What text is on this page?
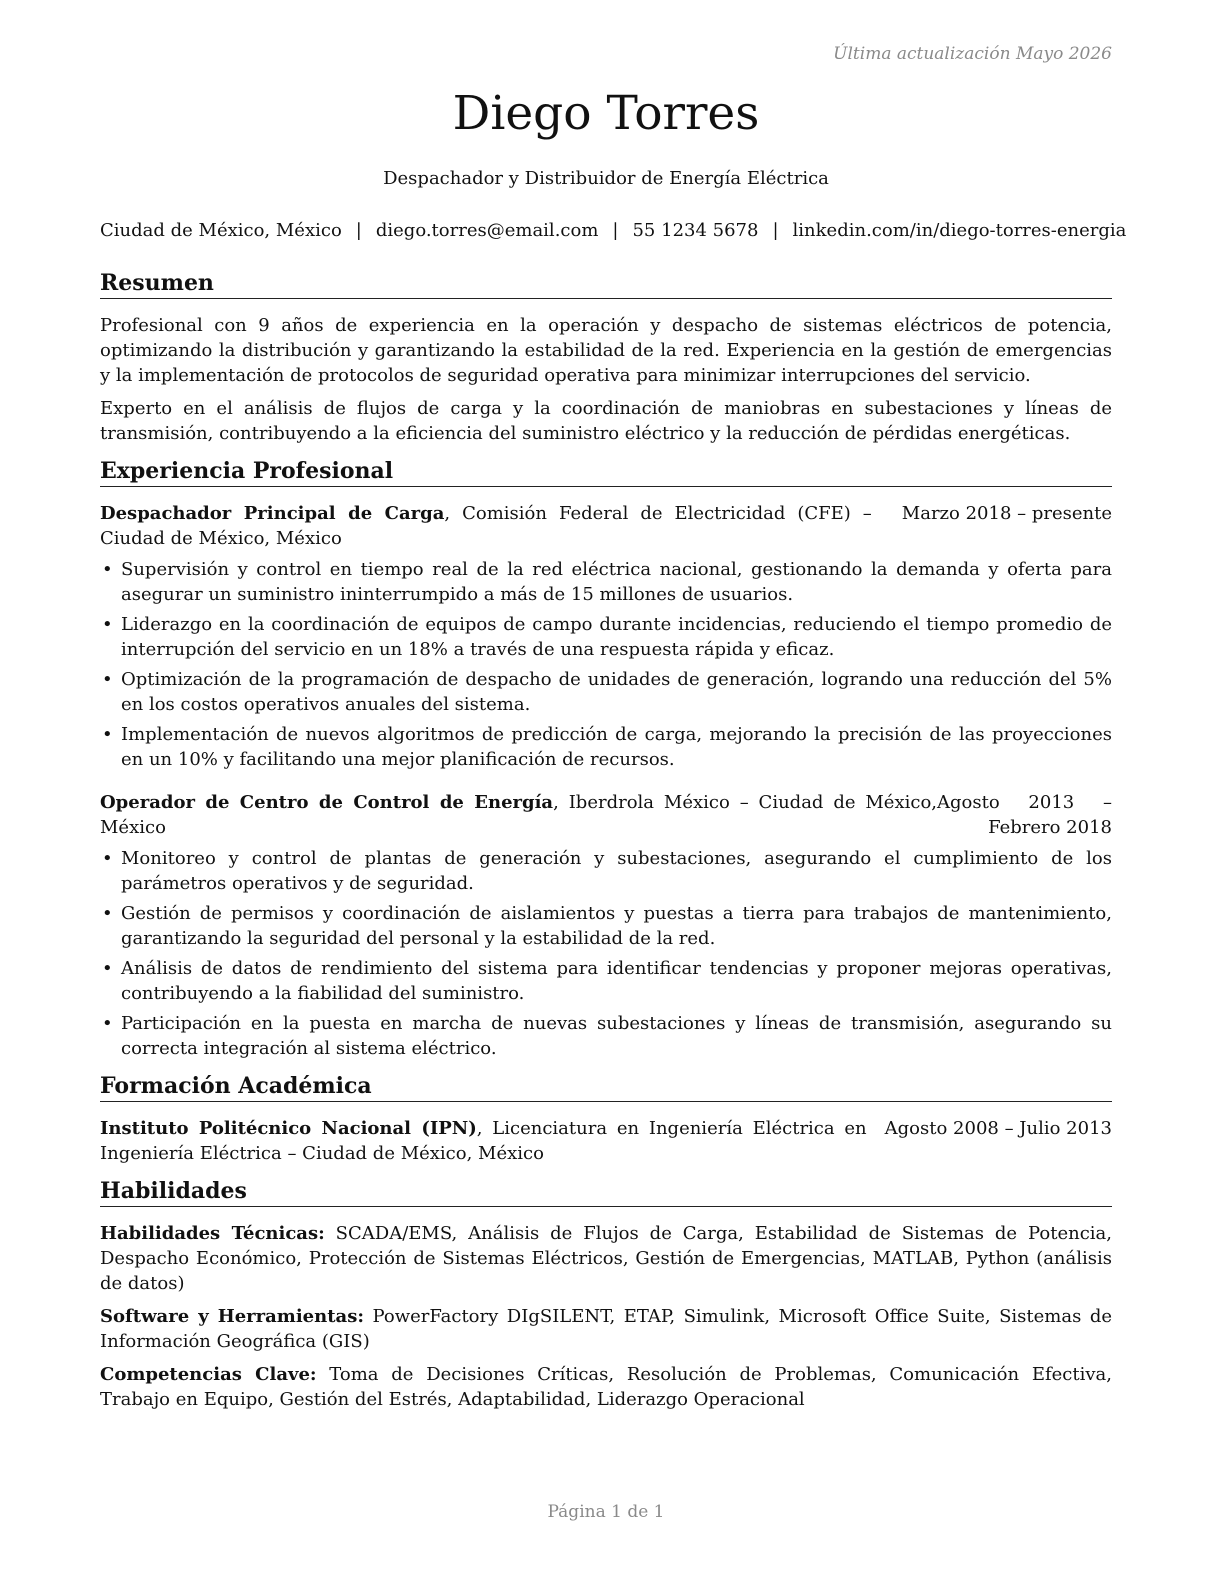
Última actualización Mayo 2026
Diego Torres
Despachador y Distribuidor de Energía Eléctrica
Ciudad de México, México | diego.torres@email.com | 55 1234 5678 | linkedin.com/in/diego-torres-energia
Resumen

Profesional con 9 años de experiencia en la operación y despacho de sistemas eléctricos de potencia, optimizando la distribución y garantizando la estabilidad de la red. Experiencia en la gestión de emergencias y la implementación de protocolos de seguridad operativa para minimizar interrupciones del servicio.

Experto en el análisis de flujos de carga y la coordinación de maniobras en subestaciones y líneas de transmisión, contribuyendo a la eficiencia del suministro eléctrico y la reducción de pérdidas energéticas.

Experiencia Profesional
Despachador Principal de Carga, Comisión Federal de Electricidad (CFE) – Ciudad de México, México
Marzo 2018 – presente
• Supervisión y control en tiempo real de la red eléctrica nacional, gestionando la demanda y oferta para asegurar un suministro ininterrumpido a más de 15 millones de usuarios.
• Liderazgo en la coordinación de equipos de campo durante incidencias, reduciendo el tiempo promedio de interrupción del servicio en un 18% a través de una respuesta rápida y eficaz.
• Optimización de la programación de despacho de unidades de generación, logrando una reducción del 5% en los costos operativos anuales del sistema.
• Implementación de nuevos algoritmos de predicción de carga, mejorando la precisión de las proyecciones en un 10% y facilitando una mejor planificación de recursos.
Operador de Centro de Control de Energía, Iberdrola México – Ciudad de México, México
Agosto 2013 – Febrero 2018
• Monitoreo y control de plantas de generación y subestaciones, asegurando el cumplimiento de los parámetros operativos y de seguridad.
• Gestión de permisos y coordinación de aislamientos y puestas a tierra para trabajos de mantenimiento, garantizando la seguridad del personal y la estabilidad de la red.
• Análisis de datos de rendimiento del sistema para identificar tendencias y proponer mejoras operativas, contribuyendo a la fiabilidad del suministro.
• Participación en la puesta en marcha de nuevas subestaciones y líneas de transmisión, asegurando su correcta integración al sistema eléctrico.
Formación Académica
Instituto Politécnico Nacional (IPN), Licenciatura en Ingeniería Eléctrica en Ingeniería Eléctrica – Ciudad de México, México
Agosto 2008 – Julio 2013
Habilidades
Habilidades Técnicas: SCADA/EMS, Análisis de Flujos de Carga, Estabilidad de Sistemas de Potencia, Despacho Económico, Protección de Sistemas Eléctricos, Gestión de Emergencias, MATLAB, Python (análisis de datos)
Software y Herramientas: PowerFactory DIgSILENT, ETAP, Simulink, Microsoft Office Suite, Sistemas de Información Geográfica (GIS)
Competencias Clave: Toma de Decisiones Críticas, Resolución de Problemas, Comunicación Efectiva, Trabajo en Equipo, Gestión del Estrés, Adaptabilidad, Liderazgo Operacional
Página 1 de 1
